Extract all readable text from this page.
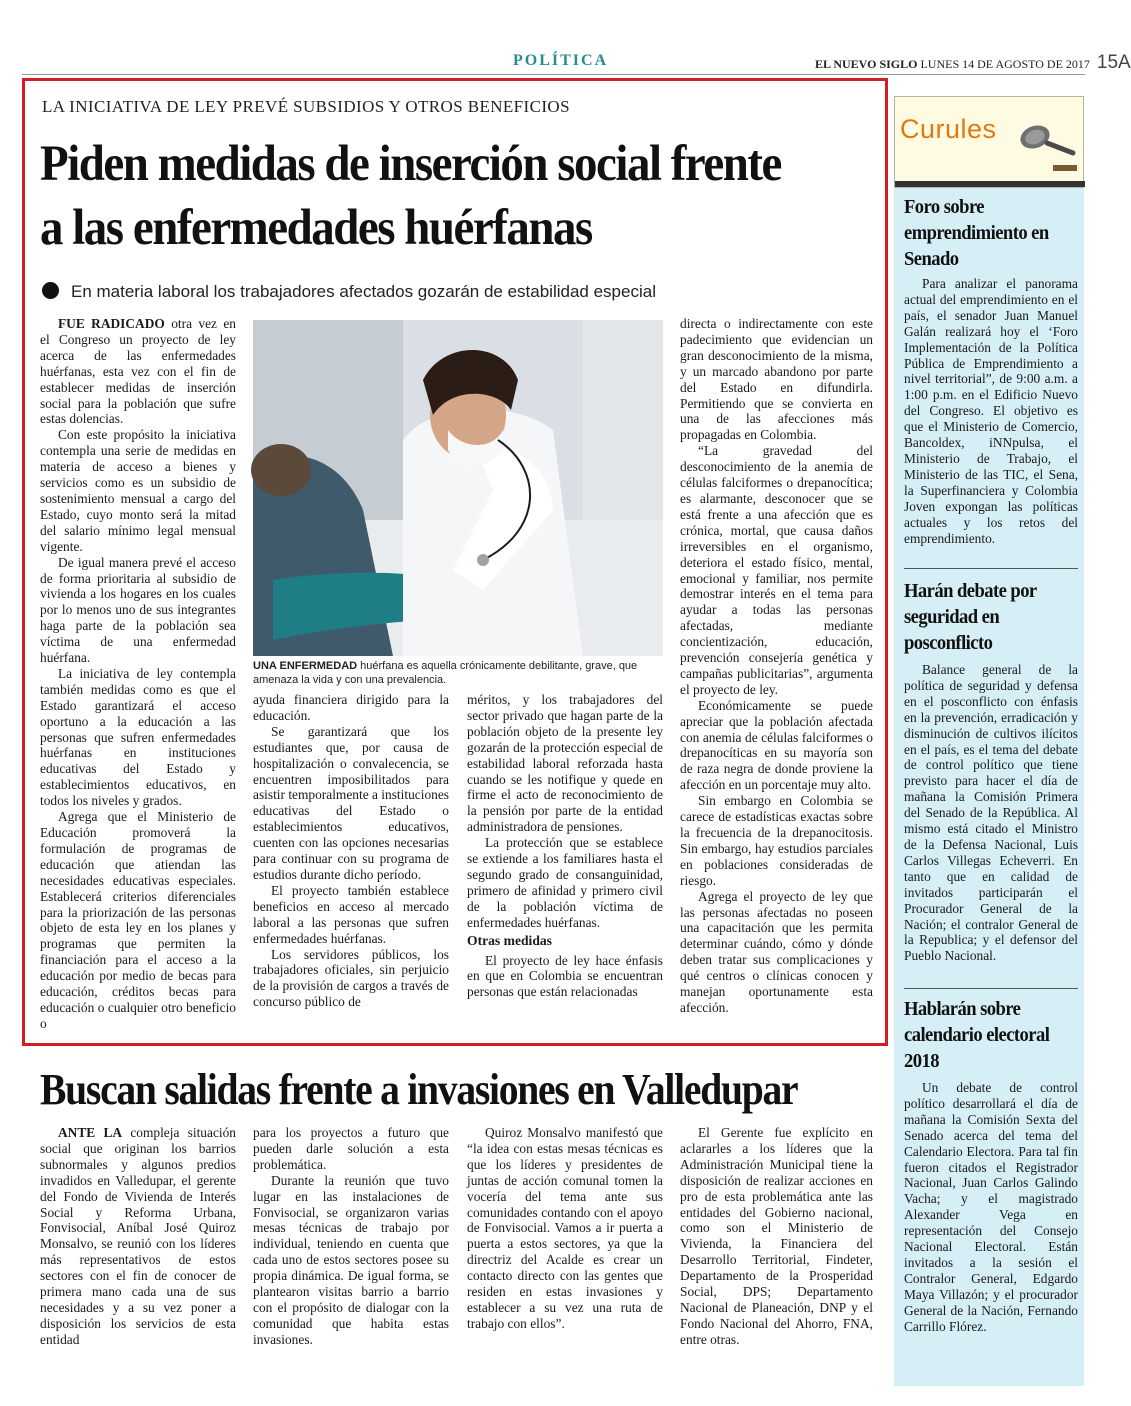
POLÍTICA	EL NUEVO SIGLO LUNES 14 DE AGOSTO DE 2017 15A
LA INICIATIVA DE LEY PREVÉ SUBSIDIOS Y OTROS BENEFICIOS
Piden medidas de inserción social frente a las enfermedades huérfanas
En materia laboral los trabajadores afectados gozarán de estabilidad especial

FUE RADICADO otra vez en el Congreso un proyecto de ley acerca de las enfermedades huérfanas, esta vez con el fin de establecer medidas de inserción social para la población que sufre estas dolencias.

Con este propósito la iniciativa contempla una serie de medidas en materia de acceso a bienes y servicios como es un subsidio de sostenimiento mensual a cargo del Estado, cuyo monto será la mitad del salario mínimo legal mensual vigente.

De igual manera prevé el acceso de forma prioritaria al subsidio de vivienda a los hogares en los cuales por lo menos uno de sus integrantes haga parte de la población sea víctima de una enfermedad huérfana.

La iniciativa de ley contempla también medidas como es que el Estado garantizará el acceso oportuno a la educación a las personas que sufren enfermedades huérfanas en instituciones educativas del Estado y establecimientos educativos, en todos los niveles y grados.

Agrega que el Ministerio de Educación promoverá la formulación de programas de educación que atiendan las necesidades educativas especiales. Establecerá criterios diferenciales para la priorización de las personas objeto de esta ley en los planes y programas que permiten la financiación para el acceso a la educación por medio de becas para educación, créditos becas para educación o cualquier otro beneficio o

UNA ENFERMEDAD huérfana es aquella crónicamente debilitante, grave, que amenaza la vida y con una prevalencia.

ayuda financiera dirigido para la educación.

Se garantizará que los estudiantes que, por causa de hospitalización o convalecencia, se encuentren imposibilitados para asistir temporalmente a instituciones educativas del Estado o establecimientos educativos, cuenten con las opciones necesarias para continuar con su programa de estudios durante dicho período.

El proyecto también establece beneficios en acceso al mercado laboral a las personas que sufren enfermedades huérfanas.

Los servidores públicos, los trabajadores oficiales, sin perjuicio de la provisión de cargos a través de concurso público de

méritos, y los trabajadores del sector privado que hagan parte de la población objeto de la presente ley gozarán de la protección especial de estabilidad laboral reforzada hasta cuando se les notifique y quede en firme el acto de reconocimiento de la pensión por parte de la entidad administradora de pensiones.

La protección que se establece se extiende a los familiares hasta el segundo grado de consanguinidad, primero de afinidad y primero civil de la población víctima de enfermedades huérfanas.

Otras medidas

El proyecto de ley hace énfasis en que en Colombia se encuentran personas que están relacionadas

directa o indirectamente con este padecimiento que evidencian un gran desconocimiento de la misma, y un marcado abandono por parte del Estado en difundirla. Permitiendo que se convierta en una de las afecciones más propagadas en Colombia.

“La gravedad del desconocimiento de la anemia de células falciformes o drepanocítica; es alarmante, desconocer que se está frente a una afección que es crónica, mortal, que causa daños irreversibles en el organismo, deteriora el estado físico, mental, emocional y familiar, nos permite demostrar interés en el tema para ayudar a todas las personas afectadas, mediante concientización, educación, prevención consejería genética y campañas publicitarias”, argumenta el proyecto de ley.

Económicamente se puede apreciar que la población afectada con anemia de células falciformes o drepanocíticas en su mayoría son de raza negra de donde proviene la afección en un porcentaje muy alto.

Sin embargo en Colombia se carece de estadísticas exactas sobre la frecuencia de la drepanocitosis. Sin embargo, hay estudios parciales en poblaciones consideradas de riesgo.

Agrega el proyecto de ley que las personas afectadas no poseen una capacitación que les permita determinar cuándo, cómo y dónde deben tratar sus complicaciones y qué centros o clínicas conocen y manejan oportunamente esta afección.

Buscan salidas frente a invasiones en Valledupar

ANTE LA compleja situación social que originan los barrios subnormales y algunos predios invadidos en Valledupar, el gerente del Fondo de Vivienda de Interés Social y Reforma Urbana, Fonvisocial, Aníbal José Quiroz Monsalvo, se reunió con los líderes más representativos de estos sectores con el fin de conocer de primera mano cada una de sus necesidades y a su vez poner a disposición los servicios de esta entidad

para los proyectos a futuro que pueden darle solución a esta problemática.

Durante la reunión que tuvo lugar en las instalaciones de Fonvisocial, se organizaron varias mesas técnicas de trabajo por individual, teniendo en cuenta que cada uno de estos sectores posee su propia dinámica. De igual forma, se plantearon visitas barrio a barrio con el propósito de dialogar con la comunidad que habita estas invasiones.

Quiroz Monsalvo manifestó que “la idea con estas mesas técnicas es que los líderes y presidentes de juntas de acción comunal tomen la vocería del tema ante sus comunidades contando con el apoyo de Fonvisocial. Vamos a ir puerta a puerta a estos sectores, ya que la directriz del Acalde es crear un contacto directo con las gentes que residen en estas invasiones y establecer a su vez una ruta de trabajo con ellos”.

El Gerente fue explícito en aclararles a los líderes que la Administración Municipal tiene la disposición de realizar acciones en pro de esta problemática ante las entidades del Gobierno nacional, como son el Ministerio de Vivienda, la Financiera del Desarrollo Territorial, Findeter, Departamento de la Prosperidad Social, DPS; Departamento Nacional de Planeación, DNP y el Fondo Nacional del Ahorro, FNA, entre otras.

Curules
Foro sobre emprendimiento en Senado

Para analizar el panorama actual del emprendimiento en el país, el senador Juan Manuel Galán realizará hoy el ‘Foro Implementación de la Política Pública de Emprendimiento a nivel territorial”, de 9:00 a.m. a 1:00 p.m. en el Edificio Nuevo del Congreso. El objetivo es que el Ministerio de Comercio, Bancoldex, iNNpulsa, el Ministerio de Trabajo, el Ministerio de las TIC, el Sena, la Superfinanciera y Colombia Joven expongan las políticas actuales y los retos del emprendimiento.

Harán debate por seguridad en posconflicto

Balance general de la política de seguridad y defensa en el posconflicto con énfasis en la prevención, erradicación y disminución de cultivos ilícitos en el país, es el tema del debate de control político que tiene previsto para hacer el día de mañana la Comisión Primera del Senado de la República. Al mismo está citado el Ministro de la Defensa Nacional, Luis Carlos Villegas Echeverri. En tanto que en calidad de invitados participarán el Procurador General de la Nación; el contralor General de la Republica; y el defensor del Pueblo Nacional.

Hablarán sobre calendario electoral 2018

Un debate de control político desarrollará el día de mañana la Comisión Sexta del Senado acerca del tema del Calendario Electora. Para tal fin fueron citados el Registrador Nacional, Juan Carlos Galindo Vacha; y el magistrado Alexander Vega en representación del Consejo Nacional Electoral. Están invitados a la sesión el Contralor General, Edgardo Maya Villazón; y el procurador General de la Nación, Fernando Carrillo Flórez.
